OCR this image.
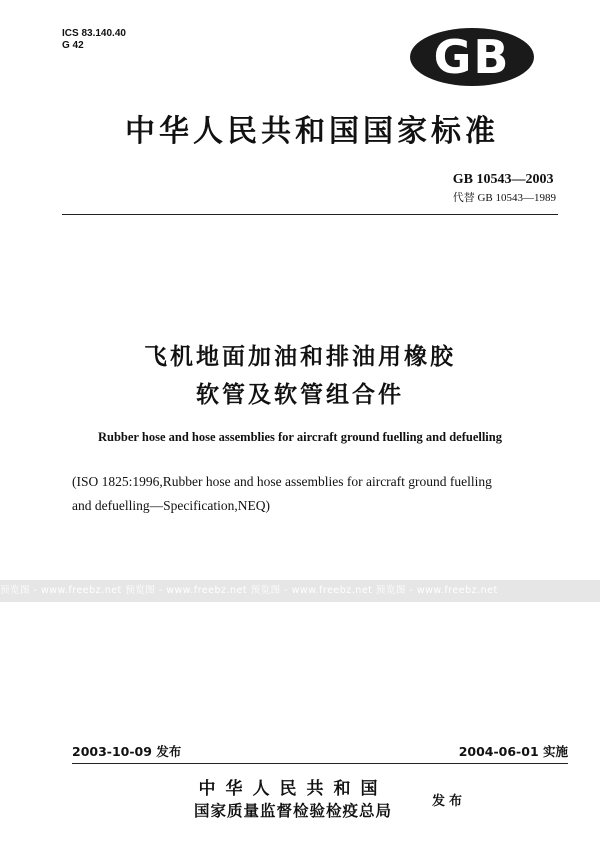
ICS 83.140.40
G 42	GB
中华人民共和国国家标准
GB 10543—2003
代替 GB 10543—1989
飞机地面加油和排油用橡胶
软管及软管组合件
Rubber hose and hose assemblies for aircraft ground fuelling and defuelling
(ISO 1825:1996,Rubber hose and hose assemblies for aircraft ground fuelling
and defuelling—Specification,NEQ)
预览图 - www.freebz.net 预览图 - www.freebz.net 预览图 - www.freebz.net 预览图 - www.freebz.net
2003-10-09 发布	2004-06-01 实施
中华人民共和国
国家质量监督检验检疫总局
发布
